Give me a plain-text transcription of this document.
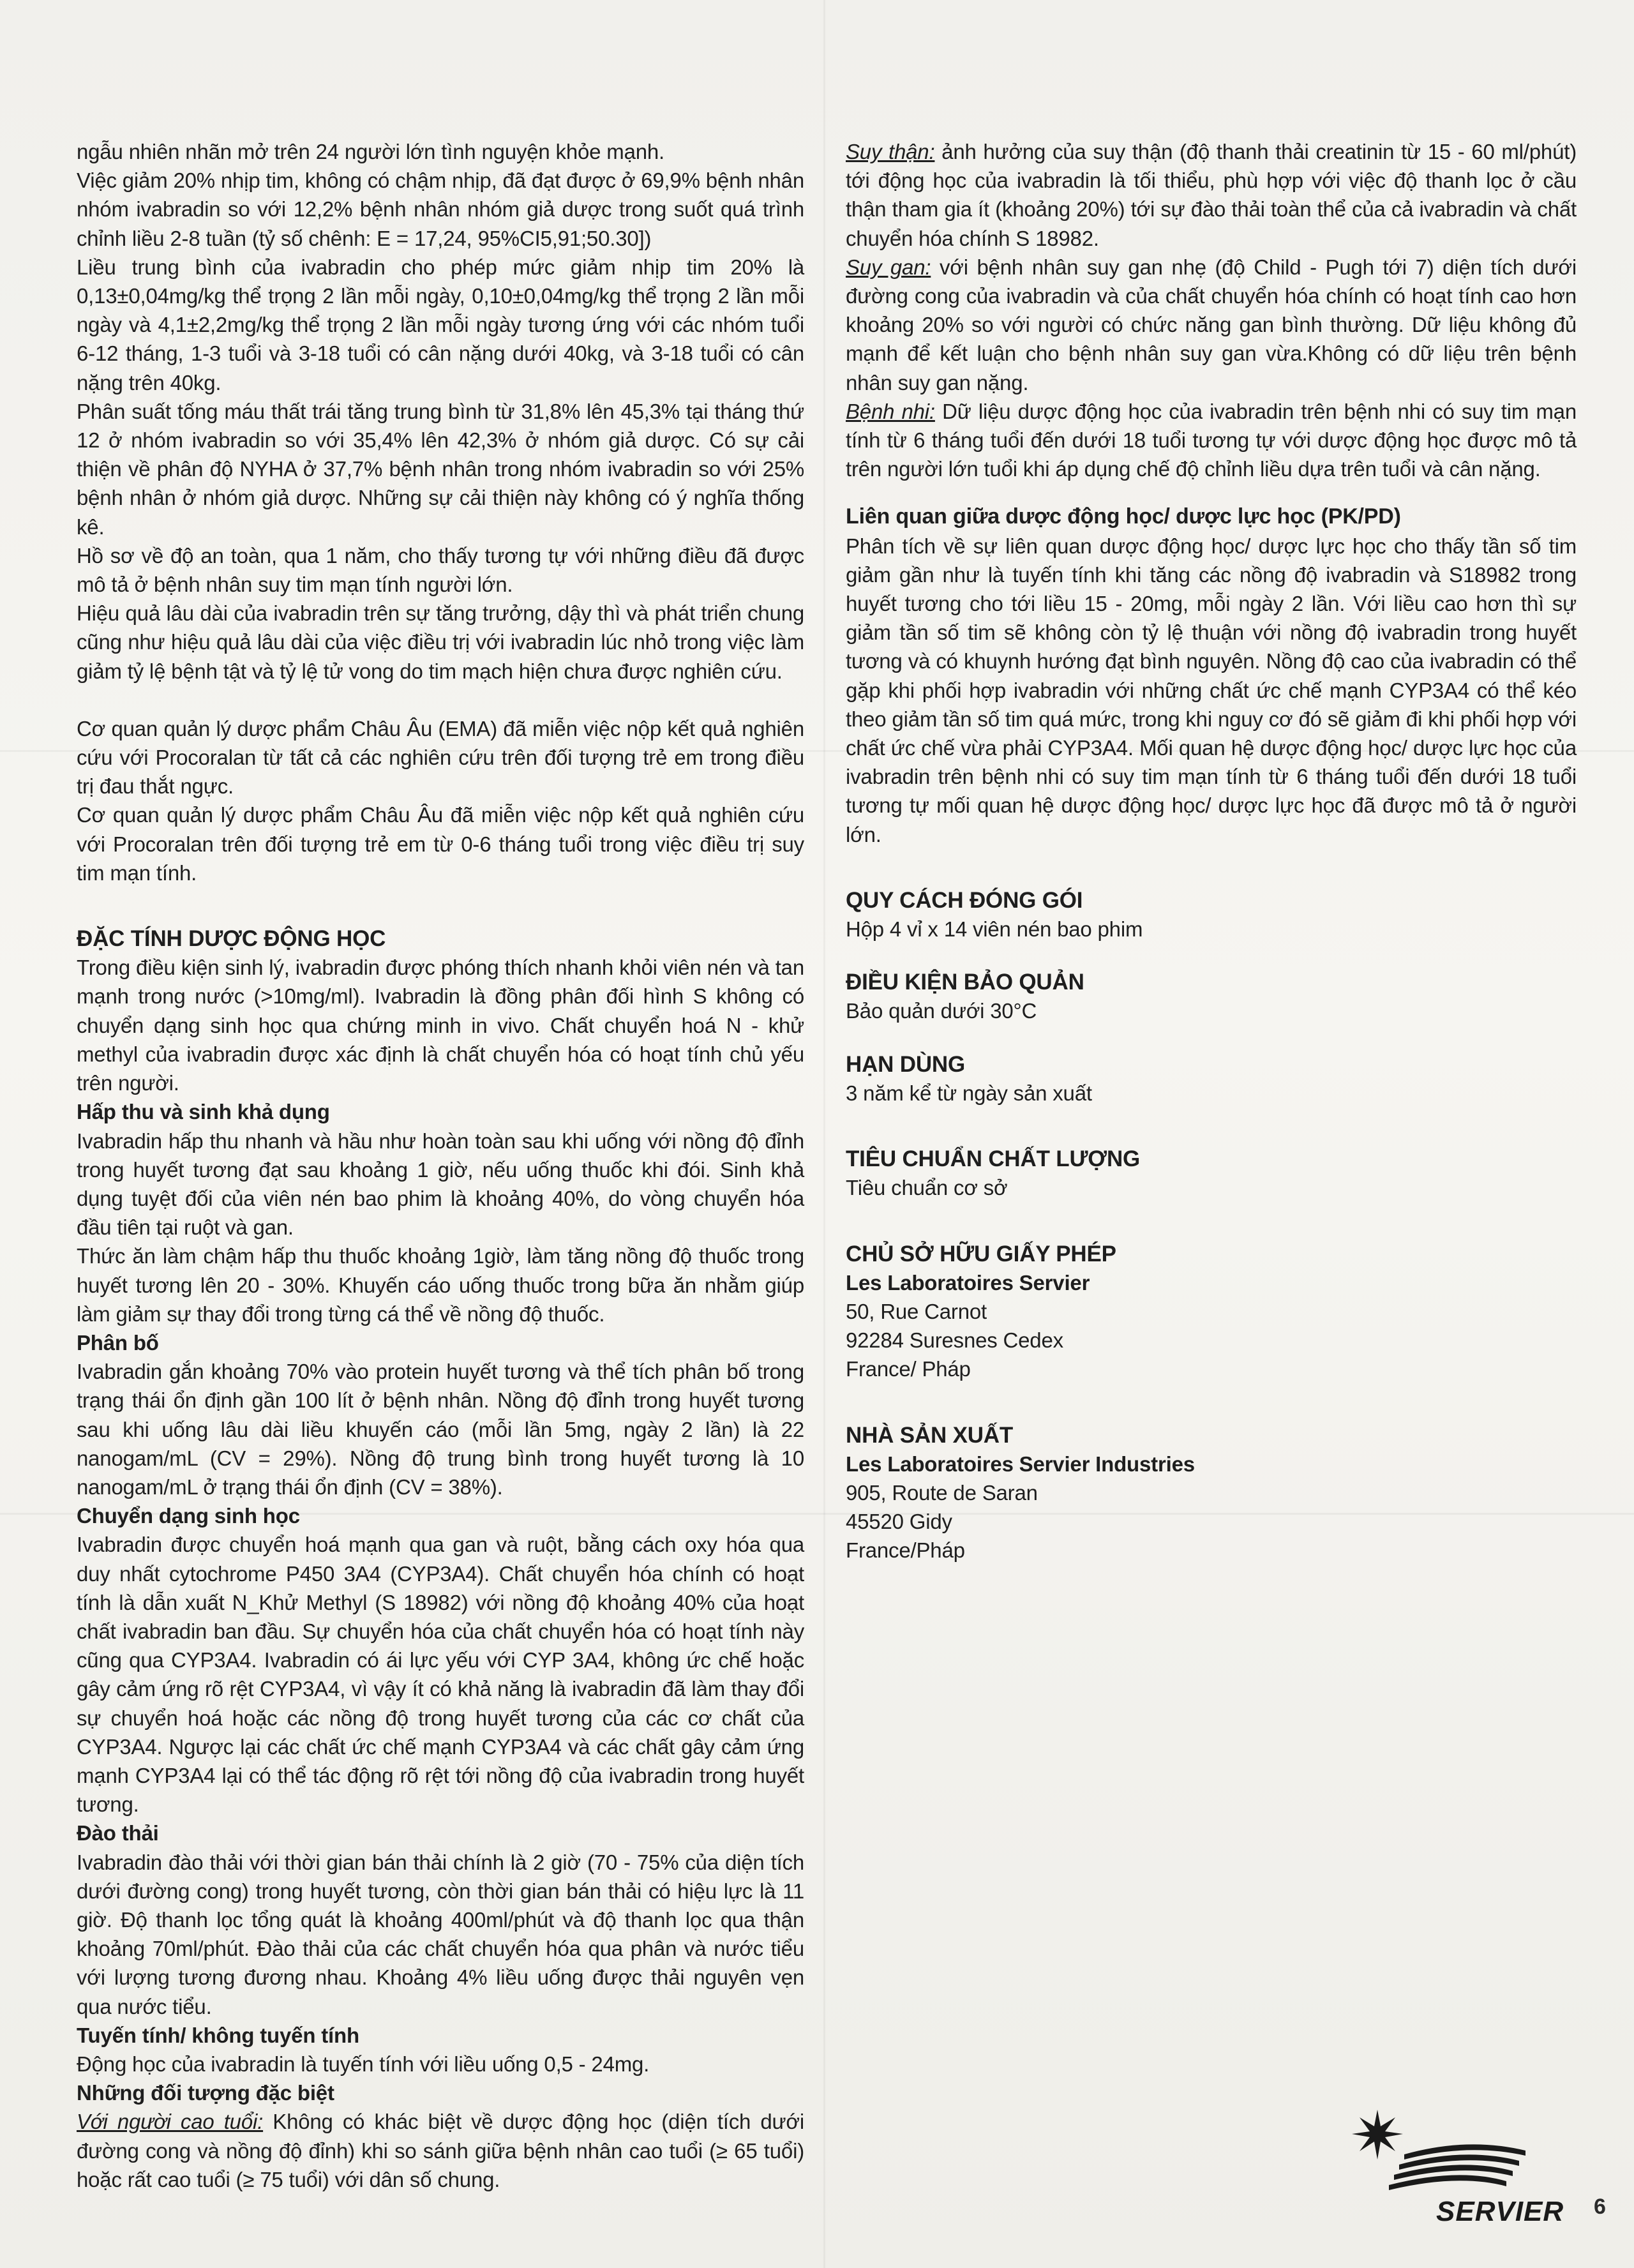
ngẫu nhiên nhãn mở trên 24 người lớn tình nguyện khỏe mạnh.

Việc giảm 20% nhịp tim, không có chậm nhịp, đã đạt được ở 69,9% bệnh nhân nhóm ivabradin so với 12,2% bệnh nhân nhóm giả dược trong suốt quá trình chỉnh liều 2-8 tuần (tỷ số chênh: E = 17,24, 95%CI5,91;50.30])

Liều trung bình của ivabradin cho phép mức giảm nhịp tim 20% là 0,13±0,04mg/kg thể trọng 2 lần mỗi ngày, 0,10±0,04mg/kg thể trọng 2 lần mỗi ngày và 4,1±2,2mg/kg thể trọng 2 lần mỗi ngày tương ứng với các nhóm tuổi 6-12 tháng, 1-3 tuổi và 3-18 tuổi có cân nặng dưới 40kg, và 3-18 tuổi có cân nặng trên 40kg.

Phân suất tống máu thất trái tăng trung bình từ 31,8% lên 45,3% tại tháng thứ 12 ở nhóm ivabradin so với 35,4% lên 42,3% ở nhóm giả dược. Có sự cải thiện về phân độ NYHA ở 37,7% bệnh nhân trong nhóm ivabradin so với 25% bệnh nhân ở nhóm giả dược. Những sự cải thiện này không có ý nghĩa thống kê.

Hồ sơ về độ an toàn, qua 1 năm, cho thấy tương tự với những điều đã được mô tả ở bệnh nhân suy tim mạn tính người lớn.

Hiệu quả lâu dài của ivabradin trên sự tăng trưởng, dậy thì và phát triển chung cũng như hiệu quả lâu dài của việc điều trị với ivabradin lúc nhỏ trong việc làm giảm tỷ lệ bệnh tật và tỷ lệ tử vong do tim mạch hiện chưa được nghiên cứu.

Cơ quan quản lý dược phẩm Châu Âu (EMA) đã miễn việc nộp kết quả nghiên cứu với Procoralan từ tất cả các nghiên cứu trên đối tượng trẻ em trong điều trị đau thắt ngực.

Cơ quan quản lý dược phẩm Châu Âu đã miễn việc nộp kết quả nghiên cứu với Procoralan trên đối tượng trẻ em từ 0-6 tháng tuổi trong việc điều trị suy tim mạn tính.

ĐẶC TÍNH DƯỢC ĐỘNG HỌC

Trong điều kiện sinh lý, ivabradin được phóng thích nhanh khỏi viên nén và tan mạnh trong nước (>10mg/ml). Ivabradin là đồng phân đối hình S không có chuyển dạng sinh học qua chứng minh in vivo. Chất chuyển hoá N - khử methyl của ivabradin được xác định là chất chuyển hóa có hoạt tính chủ yếu trên người.

Hấp thu và sinh khả dụng

Ivabradin hấp thu nhanh và hầu như hoàn toàn sau khi uống với nồng độ đỉnh trong huyết tương đạt sau khoảng 1 giờ, nếu uống thuốc khi đói. Sinh khả dụng tuyệt đối của viên nén bao phim là khoảng 40%, do vòng chuyển hóa đầu tiên tại ruột và gan.

Thức ăn làm chậm hấp thu thuốc khoảng 1giờ, làm tăng nồng độ thuốc trong huyết tương lên 20 - 30%. Khuyến cáo uống thuốc trong bữa ăn nhằm giúp làm giảm sự thay đổi trong từng cá thể về nồng độ thuốc.

Phân bố

Ivabradin gắn khoảng 70% vào protein huyết tương và thể tích phân bố trong trạng thái ổn định gần 100 lít ở bệnh nhân. Nồng độ đỉnh trong huyết tương sau khi uống lâu dài liều khuyến cáo (mỗi lần 5mg, ngày 2 lần) là 22 nanogam/mL (CV = 29%). Nồng độ trung bình trong huyết tương là 10 nanogam/mL ở trạng thái ổn định (CV = 38%).

Chuyển dạng sinh học

Ivabradin được chuyển hoá mạnh qua gan và ruột, bằng cách oxy hóa qua duy nhất cytochrome P450 3A4 (CYP3A4). Chất chuyển hóa chính có hoạt tính là dẫn xuất N_Khử Methyl (S 18982) với nồng độ khoảng 40% của hoạt chất ivabradin ban đầu. Sự chuyển hóa của chất chuyển hóa có hoạt tính này cũng qua CYP3A4. Ivabradin có ái lực yếu với CYP 3A4, không ức chế hoặc gây cảm ứng rõ rệt CYP3A4, vì vậy ít có khả năng là ivabradin đã làm thay đổi sự chuyển hoá hoặc các nồng độ trong huyết tương của các cơ chất của CYP3A4. Ngược lại các chất ức chế mạnh CYP3A4 và các chất gây cảm ứng mạnh CYP3A4 lại có thể tác động rõ rệt tới nồng độ của ivabradin trong huyết tương.

Đào thải

Ivabradin đào thải với thời gian bán thải chính là 2 giờ (70 - 75% của diện tích dưới đường cong) trong huyết tương, còn thời gian bán thải có hiệu lực là 11 giờ. Độ thanh lọc tổng quát là khoảng 400ml/phút và độ thanh lọc qua thận khoảng 70ml/phút. Đào thải của các chất chuyển hóa qua phân và nước tiểu với lượng tương đương nhau. Khoảng 4% liều uống được thải nguyên vẹn qua nước tiểu.

Tuyến tính/ không tuyến tính

Động học của ivabradin là tuyến tính với liều uống 0,5 - 24mg.

Những đối tượng đặc biệt

Với người cao tuổi: Không có khác biệt về dược động học (diện tích dưới đường cong và nồng độ đỉnh) khi so sánh giữa bệnh nhân cao tuổi (≥ 65 tuổi) hoặc rất cao tuổi (≥ 75 tuổi) với dân số chung.

Suy thận: ảnh hưởng của suy thận (độ thanh thải creatinin từ 15 - 60 ml/phút) tới động học của ivabradin là tối thiểu, phù hợp với việc độ thanh lọc ở cầu thận tham gia ít (khoảng 20%) tới sự đào thải toàn thể của cả ivabradin và chất chuyển hóa chính S 18982.

Suy gan: với bệnh nhân suy gan nhẹ (độ Child - Pugh tới 7) diện tích dưới đường cong của ivabradin và của chất chuyển hóa chính có hoạt tính cao hơn khoảng 20% so với người có chức năng gan bình thường. Dữ liệu không đủ mạnh để kết luận cho bệnh nhân suy gan vừa.Không có dữ liệu trên bệnh nhân suy gan nặng.

Bệnh nhi: Dữ liệu dược động học của ivabradin trên bệnh nhi có suy tim mạn tính từ 6 tháng tuổi đến dưới 18 tuổi tương tự với dược động học được mô tả trên người lớn tuổi khi áp dụng chế độ chỉnh liều dựa trên tuổi và cân nặng.

Liên quan giữa dược động học/ dược lực học (PK/PD)

Phân tích về sự liên quan dược động học/ dược lực học cho thấy tần số tim giảm gần như là tuyến tính khi tăng các nồng độ ivabradin và S18982 trong huyết tương cho tới liều 15 - 20mg, mỗi ngày 2 lần. Với liều cao hơn thì sự giảm tần số tim sẽ không còn tỷ lệ thuận với nồng độ ivabradin trong huyết tương và có khuynh hướng đạt bình nguyên. Nồng độ cao của ivabradin có thể gặp khi phối hợp ivabradin với những chất ức chế mạnh CYP3A4 có thể kéo theo giảm tần số tim quá mức, trong khi nguy cơ đó sẽ giảm đi khi phối hợp với chất ức chế vừa phải CYP3A4. Mối quan hệ dược động học/ dược lực học của ivabradin trên bệnh nhi có suy tim mạn tính từ 6 tháng tuổi đến dưới 18 tuổi tương tự mối quan hệ dược động học/ dược lực học đã được mô tả ở người lớn.

QUY CÁCH ĐÓNG GÓI

Hộp 4 vỉ x 14 viên nén bao phim

ĐIỀU KIỆN BẢO QUẢN

Bảo quản dưới 30°C

HẠN DÙNG

3 năm kể từ ngày sản xuất

TIÊU CHUẨN CHẤT LƯỢNG

Tiêu chuẩn cơ sở

CHỦ SỞ HỮU GIẤY PHÉP

Les Laboratoires Servier

50, Rue Carnot

92284 Suresnes Cedex

France/ Pháp

NHÀ SẢN XUẤT

Les Laboratoires Servier Industries

905, Route de Saran

45520 Gidy

France/Pháp

SERVIER 6
